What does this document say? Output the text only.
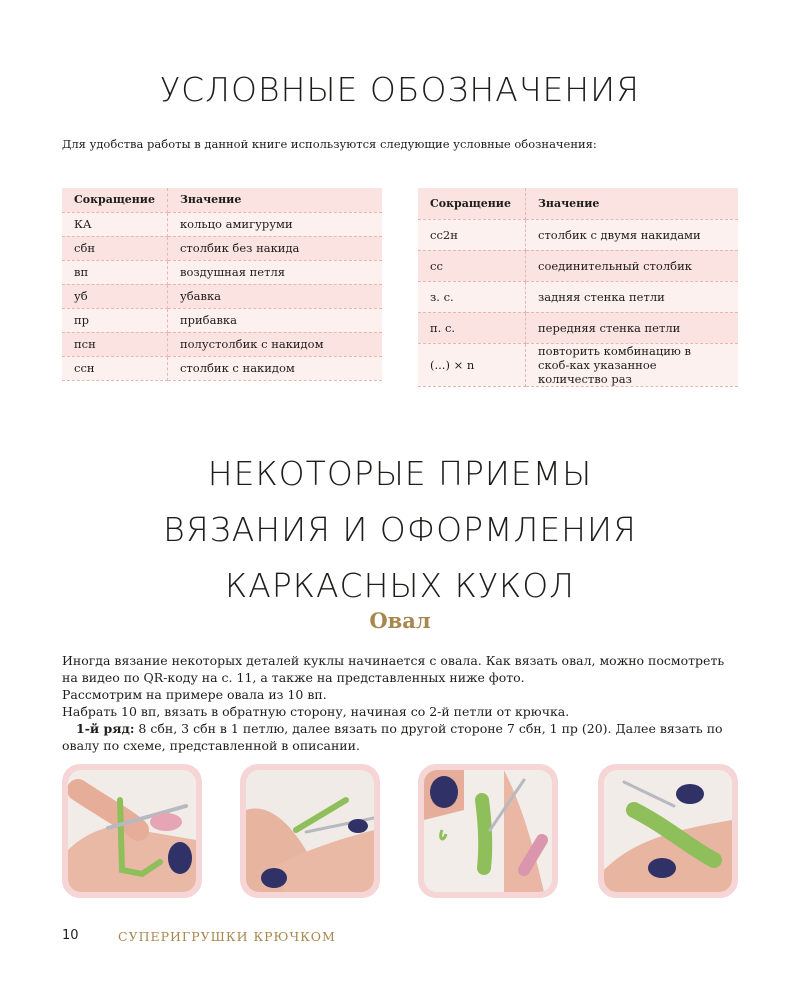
УСЛОВНЫЕ ОБОЗНАЧЕНИЯ

Для удобства работы в данной книге используются следующие условные обозначения:

Сокращение	Значение
КА	кольцо амигуруми
сбн	столбик без накида
вп	воздушная петля
уб	убавка
пр	прибавка
псн	полустолбик с накидом
ссн	столбик с накидом
Сокращение	Значение
сс2н	столбик с двумя накидами
сс	соединительный столбик
з. с.	задняя стенка петли
п. с.	передняя стенка петли
(...) × n	повторить комбинацию в скоб-ках указанное количество раз
НЕКОТОРЫЕ ПРИЕМЫ
ВЯЗАНИЯ И ОФОРМЛЕНИЯ
КАРКАСНЫХ КУКОЛ
Овал

Иногда вязание некоторых деталей куклы начинается с овала. Как вязать овал, можно посмотреть на видео по QR-коду на с. 11, а также на представленных ниже фото.

Рассмотрим на примере овала из 10 вп.

Набрать 10 вп, вязать в обратную сторону, начиная со 2-й петли от крючка.

1-й ряд: 8 сбн, 3 сбн в 1 петлю, далее вязать по другой стороне 7 сбн, 1 пр (20). Далее вязать по овалу по схеме, представленной в описании.

10	СУПЕРИГРУШКИ КРЮЧКОМ
